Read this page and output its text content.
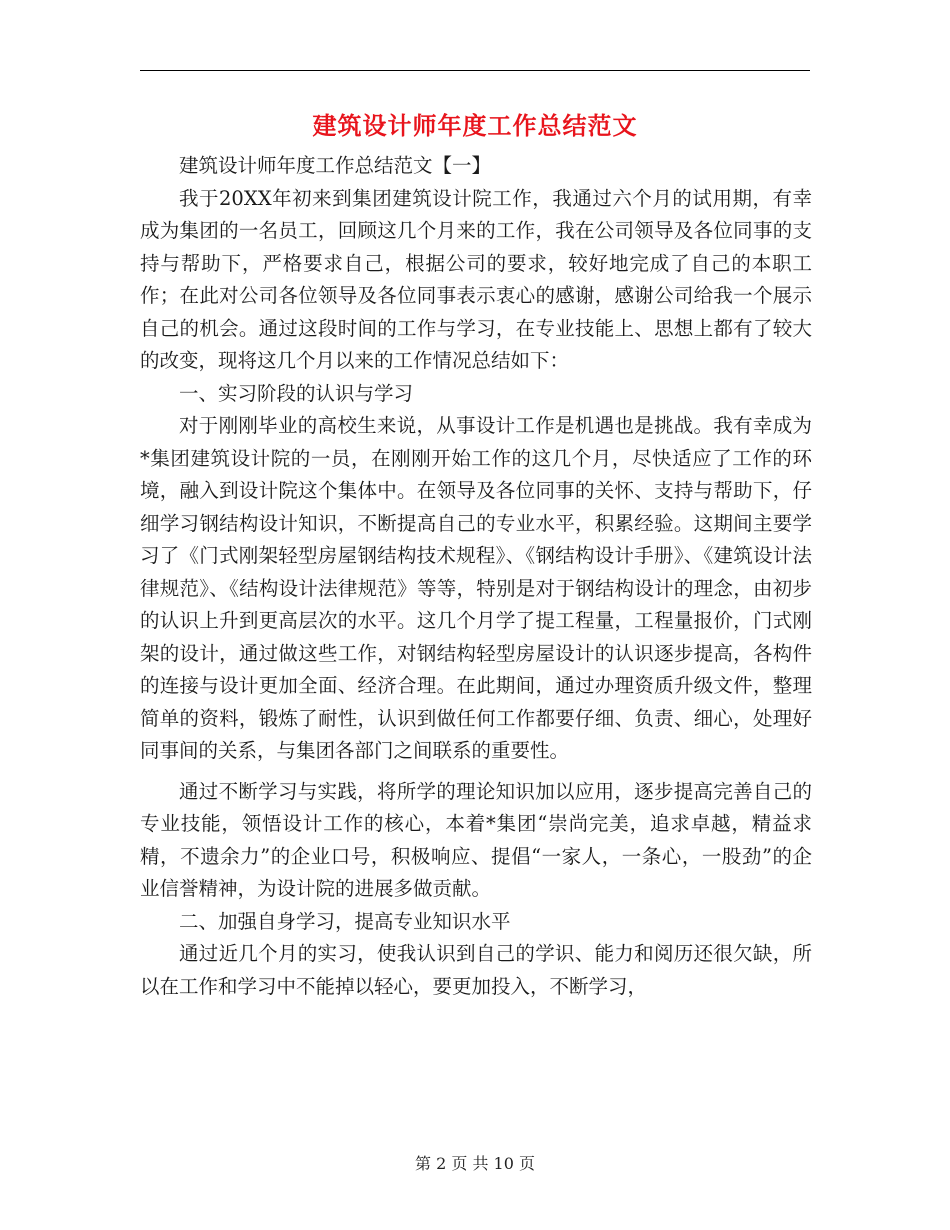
建筑设计师年度工作总结范文

建筑设计师年度工作总结范文【一】

我于20XX年初来到集团建筑设计院工作，我通过六个月的试用期，有幸成为集团的一名员工，回顾这几个月来的工作，我在公司领导及各位同事的支持与帮助下，严格要求自己，根据公司的要求，较好地完成了自己的本职工作；在此对公司各位领导及各位同事表示衷心的感谢，感谢公司给我一个展示自己的机会。通过这段时间的工作与学习，在专业技能上、思想上都有了较大的改变，现将这几个月以来的工作情况总结如下：

一、实习阶段的认识与学习

对于刚刚毕业的高校生来说，从事设计工作是机遇也是挑战。我有幸成为*集团建筑设计院的一员，在刚刚开始工作的这几个月，尽快适应了工作的环境，融入到设计院这个集体中。在领导及各位同事的关怀、支持与帮助下，仔细学习钢结构设计知识，不断提高自己的专业水平，积累经验。这期间主要学习了《门式刚架轻型房屋钢结构技术规程》、《钢结构设计手册》、《建筑设计法律规范》、《结构设计法律规范》等等，特别是对于钢结构设计的理念，由初步的认识上升到更高层次的水平。这几个月学了提工程量，工程量报价，门式刚架的设计，通过做这些工作，对钢结构轻型房屋设计的认识逐步提高，各构件的连接与设计更加全面、经济合理。在此期间，通过办理资质升级文件，整理简单的资料，锻炼了耐性，认识到做任何工作都要仔细、负责、细心，处理好同事间的关系，与集团各部门之间联系的重要性。

通过不断学习与实践，将所学的理论知识加以应用，逐步提高完善自己的专业技能，领悟设计工作的核心，本着*集团“崇尚完美，追求卓越，精益求精，不遗余力”的企业口号，积极响应、提倡“一家人，一条心，一股劲”的企业信誉精神，为设计院的进展多做贡献。

二、加强自身学习，提高专业知识水平

通过近几个月的实习，使我认识到自己的学识、能力和阅历还很欠缺，所以在工作和学习中不能掉以轻心，要更加投入，不断学习，

第 2 页 共 10 页
